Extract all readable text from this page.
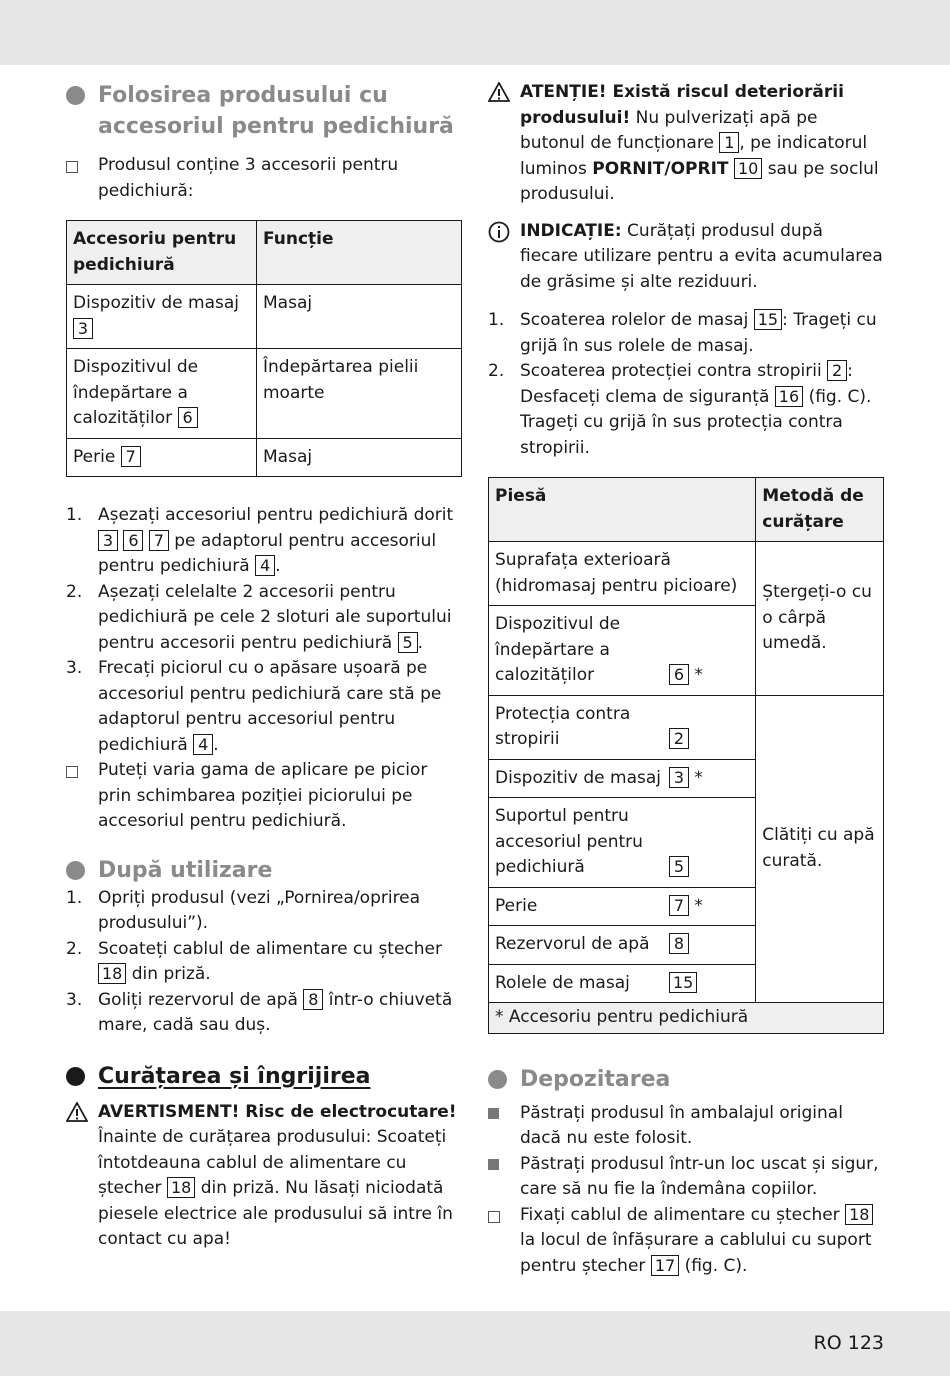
Folosirea produsului cu accesoriul pentru pedichiură
Produsul conține 3 accesorii pentru pedichiură:
Accesoriu pentru pedichiură	Funcție
Dispozitiv de masaj 3	Masaj
Dispozitivul de îndepărtare a calozităților 6	Îndepărtarea pielii moarte
Perie 7	Masaj
1. Așezați accesoriul pentru pedichiură dorit 3 6 7 pe adaptorul pentru accesoriul pentru pedichiură 4 .
2. Așezați celelalte 2 accesorii pentru pedichiură pe cele 2 sloturi ale suportului pentru accesorii pentru pedichiură 5 .
3. Frecați piciorul cu o apăsare ușoară pe accesoriul pentru pedichiură care stă pe adaptorul pentru accesoriul pentru pedichiură 4 .
Puteți varia gama de aplicare pe picior prin schimbarea poziției piciorului pe accesoriul pentru pedichiură.
După utilizare
1. Opriți produsul (vezi „Pornirea/oprirea produsului”).
2. Scoateți cablul de alimentare cu ștecher 18 din priză.
3. Goliți rezervorul de apă 8 într-o chiuvetă mare, cadă sau duș.
Curățarea și îngrijirea
AVERTISMENT! Risc de electrocutare!
Înainte de curățarea produsului: Scoateți întotdeauna cablul de alimentare cu ștecher 18 din priză. Nu lăsați niciodată piesele electrice ale produsului să intre în contact cu apa!
ATENȚIE! Există riscul deteriorării produsului! Nu pulverizați apă pe butonul de funcționare 1 , pe indicatorul luminos PORNIT/OPRIT 10 sau pe soclul produsului.
INDICAȚIE: Curățați produsul după fiecare utilizare pentru a evita acumularea de grăsime și alte reziduuri.
1. Scoaterea rolelor de masaj 15 : Trageți cu grijă în sus rolele de masaj.
2. Scoaterea protecției contra stropirii 2 : Desfaceți clema de siguranță 16 (fig. C). Trageți cu grijă în sus protecția contra stropirii.
Piesă		Metodă de curățare
Suprafața exterioară (hidromasaj pentru picioare)		Ștergeți-o cu o cârpă umedă.
Dispozitivul de îndepărtare a calozităților	6 *	
Protecția contra stropirii	2	Clătiți cu apă curată.
Dispozitiv de masaj	3 *	
Suportul pentru accesoriul pentru pedichiură	5	
Perie	7 *	
Rezervorul de apă	8	
Rolele de masaj	15	
* Accesoriu pentru pedichiură		
Depozitarea
Păstrați produsul în ambalajul original dacă nu este folosit.
Păstrați produsul într-un loc uscat și sigur, care să nu fie la îndemâna copiilor.
Fixați cablul de alimentare cu ștecher 18 la locul de înfășurare a cablului cu suport pentru ștecher 17 (fig. C).
RO 123
